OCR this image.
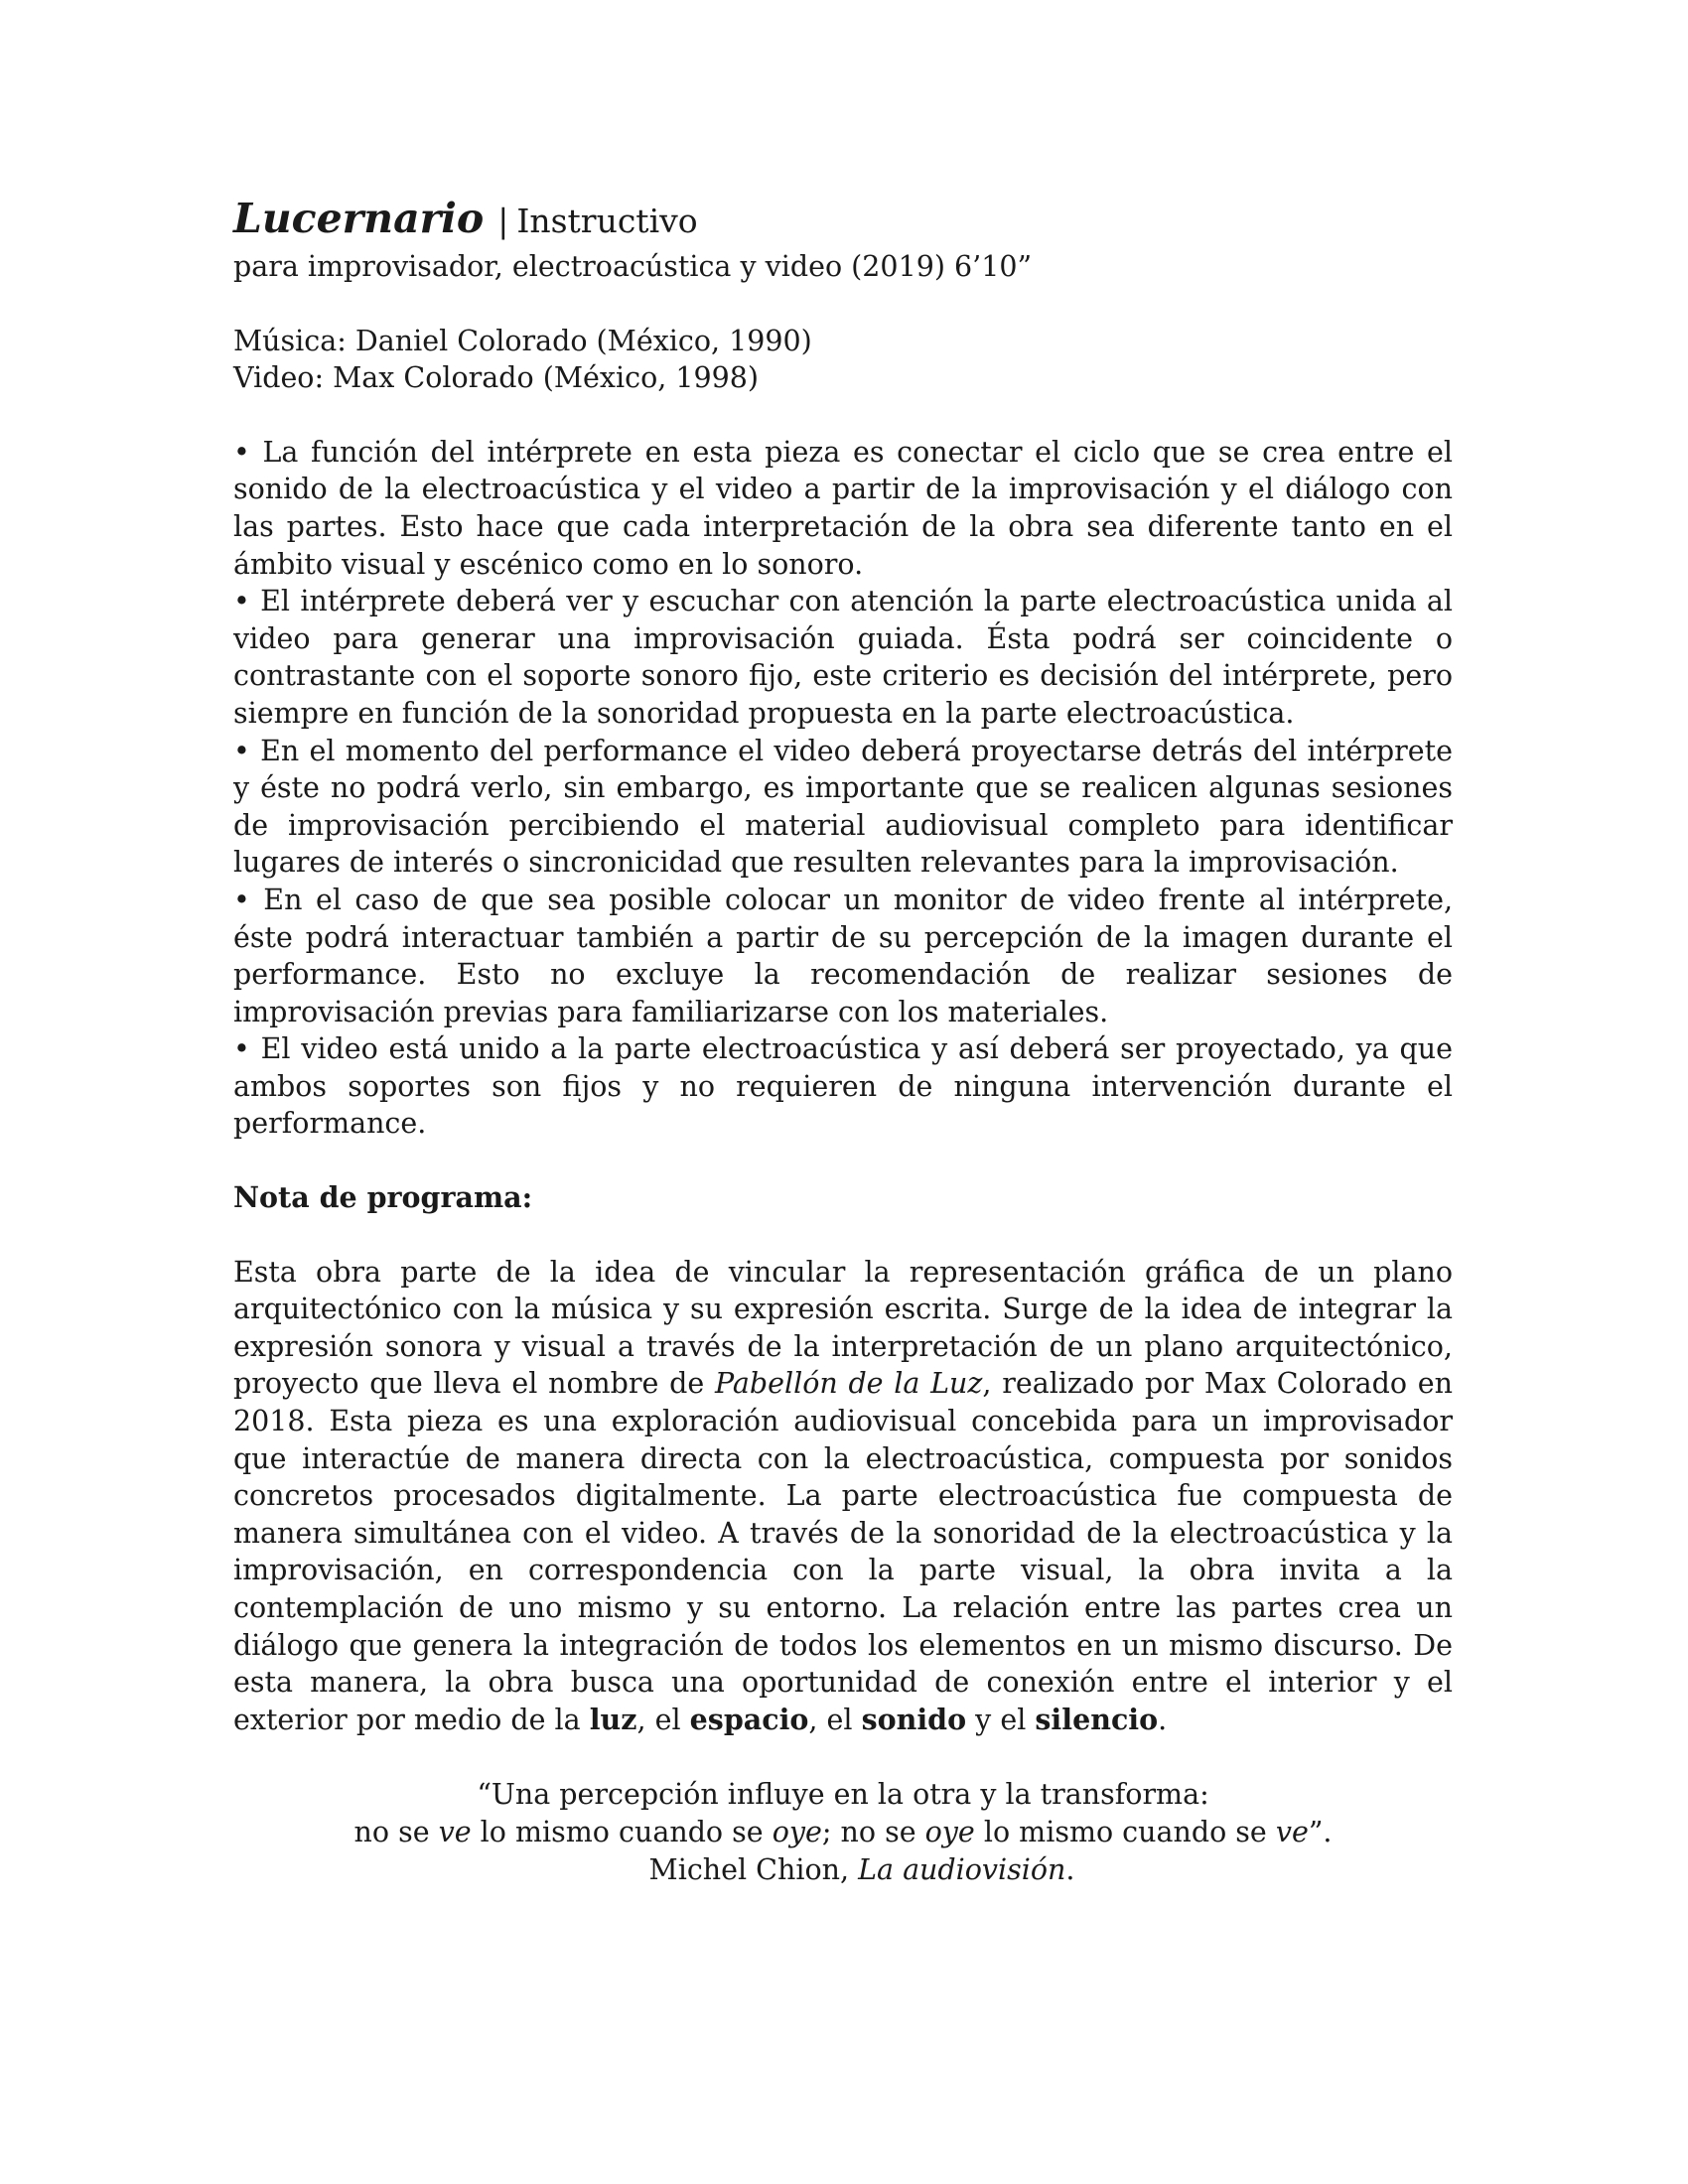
Lucernario | Instructivo

para improvisador, electroacústica y video (2019) 6’10”

Música: Daniel Colorado (México, 1990)

Video: Max Colorado (México, 1998)

• La función del intérprete en esta pieza es conectar el ciclo que se crea entre el sonido de la electroacústica y el video a partir de la improvisación y el diálogo con las partes. Esto hace que cada interpretación de la obra sea diferente tanto en el ámbito visual y escénico como en lo sonoro.

• El intérprete deberá ver y escuchar con atención la parte electroacústica unida al video para generar una improvisación guiada. Ésta podrá ser coincidente o contrastante con el soporte sonoro fijo, este criterio es decisión del intérprete, pero siempre en función de la sonoridad propuesta en la parte electroacústica.

• En el momento del performance el video deberá proyectarse detrás del intérprete y éste no podrá verlo, sin embargo, es importante que se realicen algunas sesiones de improvisación percibiendo el material audiovisual completo para identificar lugares de interés o sincronicidad que resulten relevantes para la improvisación.

• En el caso de que sea posible colocar un monitor de video frente al intérprete, éste podrá interactuar también a partir de su percepción de la imagen durante el performance. Esto no excluye la recomendación de realizar sesiones de improvisación previas para familiarizarse con los materiales.

• El video está unido a la parte electroacústica y así deberá ser proyectado, ya que ambos soportes son fijos y no requieren de ninguna intervención durante el performance.

Nota de programa:

Esta obra parte de la idea de vincular la representación gráfica de un plano arquitectónico con la música y su expresión escrita. Surge de la idea de integrar la expresión sonora y visual a través de la interpretación de un plano arquitectónico, proyecto que lleva el nombre de Pabellón de la Luz, realizado por Max Colorado en 2018. Esta pieza es una exploración audiovisual concebida para un improvisador que interactúe de manera directa con la electroacústica, compuesta por sonidos concretos procesados digitalmente. La parte electroacústica fue compuesta de manera simultánea con el video. A través de la sonoridad de la electroacústica y la improvisación, en correspondencia con la parte visual, la obra invita a la contemplación de uno mismo y su entorno. La relación entre las partes crea un diálogo que genera la integración de todos los elementos en un mismo discurso. De esta manera, la obra busca una oportunidad de conexión entre el interior y el exterior por medio de la luz, el espacio, el sonido y el silencio.

“Una percepción influye en la otra y la transforma:

no se ve lo mismo cuando se oye; no se oye lo mismo cuando se ve”.

Michel Chion, La audiovisión.
